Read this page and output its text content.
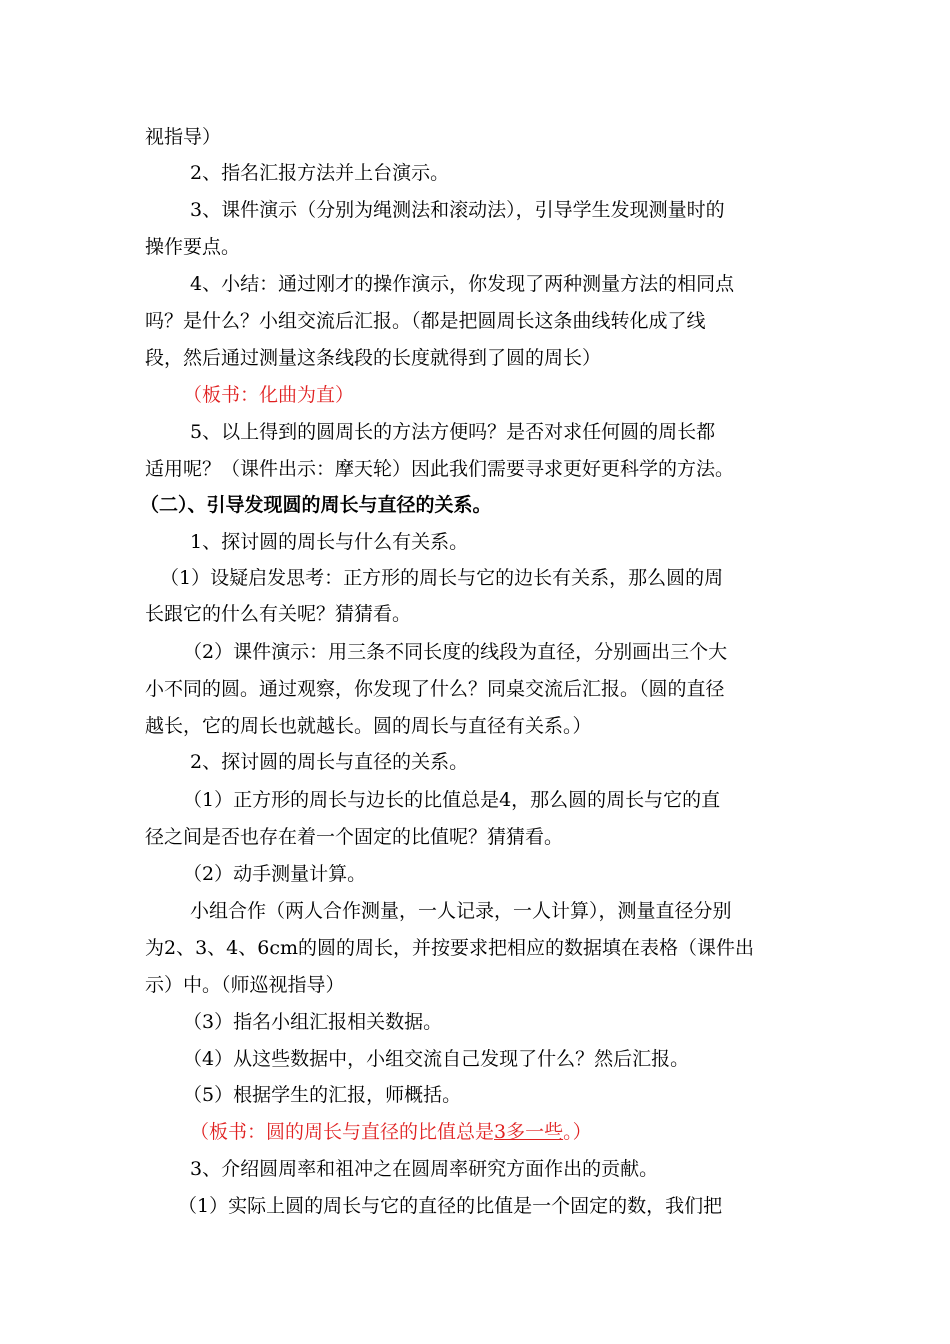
视指导）
2、指名汇报方法并上台演示。
3、课件演示（分别为绳测法和滚动法），引导学生发现测量时的
操作要点。
4、小结：通过刚才的操作演示，你发现了两种测量方法的相同点
吗？是什么？小组交流后汇报。（都是把圆周长这条曲线转化成了线
段，然后通过测量这条线段的长度就得到了圆的周长）
（板书：化曲为直）
5、以上得到的圆周长的方法方便吗？是否对求任何圆的周长都
适用呢？（课件出示：摩天轮）因此我们需要寻求更好更科学的方法。
（二）、引导发现圆的周长与直径的关系。
1、探讨圆的周长与什么有关系。
（1）设疑启发思考：正方形的周长与它的边长有关系，那么圆的周
长跟它的什么有关呢？猜猜看。
（2）课件演示：用三条不同长度的线段为直径，分别画出三个大
小不同的圆。通过观察，你发现了什么？同桌交流后汇报。（圆的直径
越长，它的周长也就越长。圆的周长与直径有关系。）
2、探讨圆的周长与直径的关系。
（1）正方形的周长与边长的比值总是4，那么圆的周长与它的直
径之间是否也存在着一个固定的比值呢？猜猜看。
（2）动手测量计算。
小组合作（两人合作测量，一人记录，一人计算），测量直径分别
为2、3、4、6cm的圆的周长，并按要求把相应的数据填在表格（课件出
示）中。（师巡视指导）
（3）指名小组汇报相关数据。
（4）从这些数据中，小组交流自己发现了什么？然后汇报。
（5）根据学生的汇报，师概括。
（板书：圆的周长与直径的比值总是3多一些。）
3、介绍圆周率和祖冲之在圆周率研究方面作出的贡献。
（1）实际上圆的周长与它的直径的比值是一个固定的数，我们把
